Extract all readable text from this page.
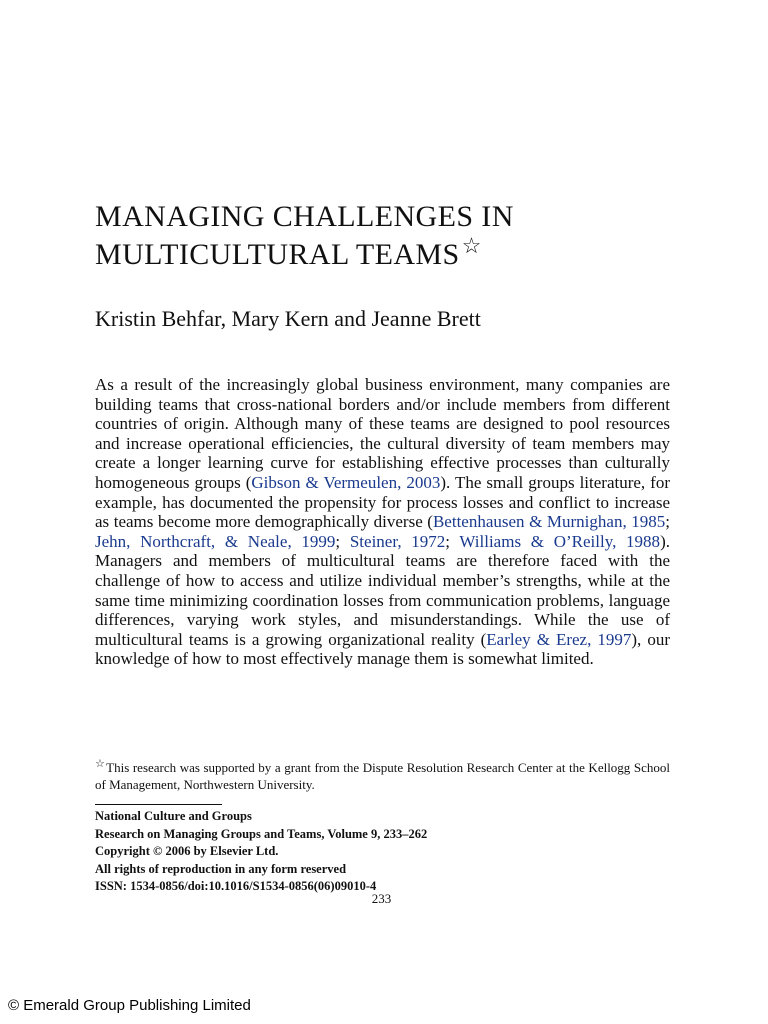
MANAGING CHALLENGES IN
MULTICULTURAL TEAMS☆
Kristin Behfar, Mary Kern and Jeanne Brett

As a result of the increasingly global business environment, many companies are building teams that cross-national borders and/or include members from different countries of origin. Although many of these teams are designed to pool resources and increase operational efficiencies, the cultural diversity of team members may create a longer learning curve for establishing effective processes than culturally homogeneous groups (Gibson & Vermeulen, 2003). The small groups literature, for example, has documented the propensity for process losses and conflict to increase as teams become more demographically diverse (Bettenhausen & Murnighan, 1985; Jehn, Northcraft, & Neale, 1999; Steiner, 1972; Williams & O’Reilly, 1988). Managers and members of multicultural teams are therefore faced with the challenge of how to access and utilize individual member’s strengths, while at the same time minimizing coordination losses from communication problems, language differences, varying work styles, and misunderstandings. While the use of multicultural teams is a growing organizational reality (Earley & Erez, 1997), our knowledge of how to most effectively manage them is somewhat limited.

☆This research was supported by a grant from the Dispute Resolution Research Center at the Kellogg School of Management, Northwestern University.

National Culture and Groups
Research on Managing Groups and Teams, Volume 9, 233–262
Copyright © 2006 by Elsevier Ltd.
All rights of reproduction in any form reserved
ISSN: 1534-0856/doi:10.1016/S1534-0856(06)09010-4
233
© Emerald Group Publishing Limited
